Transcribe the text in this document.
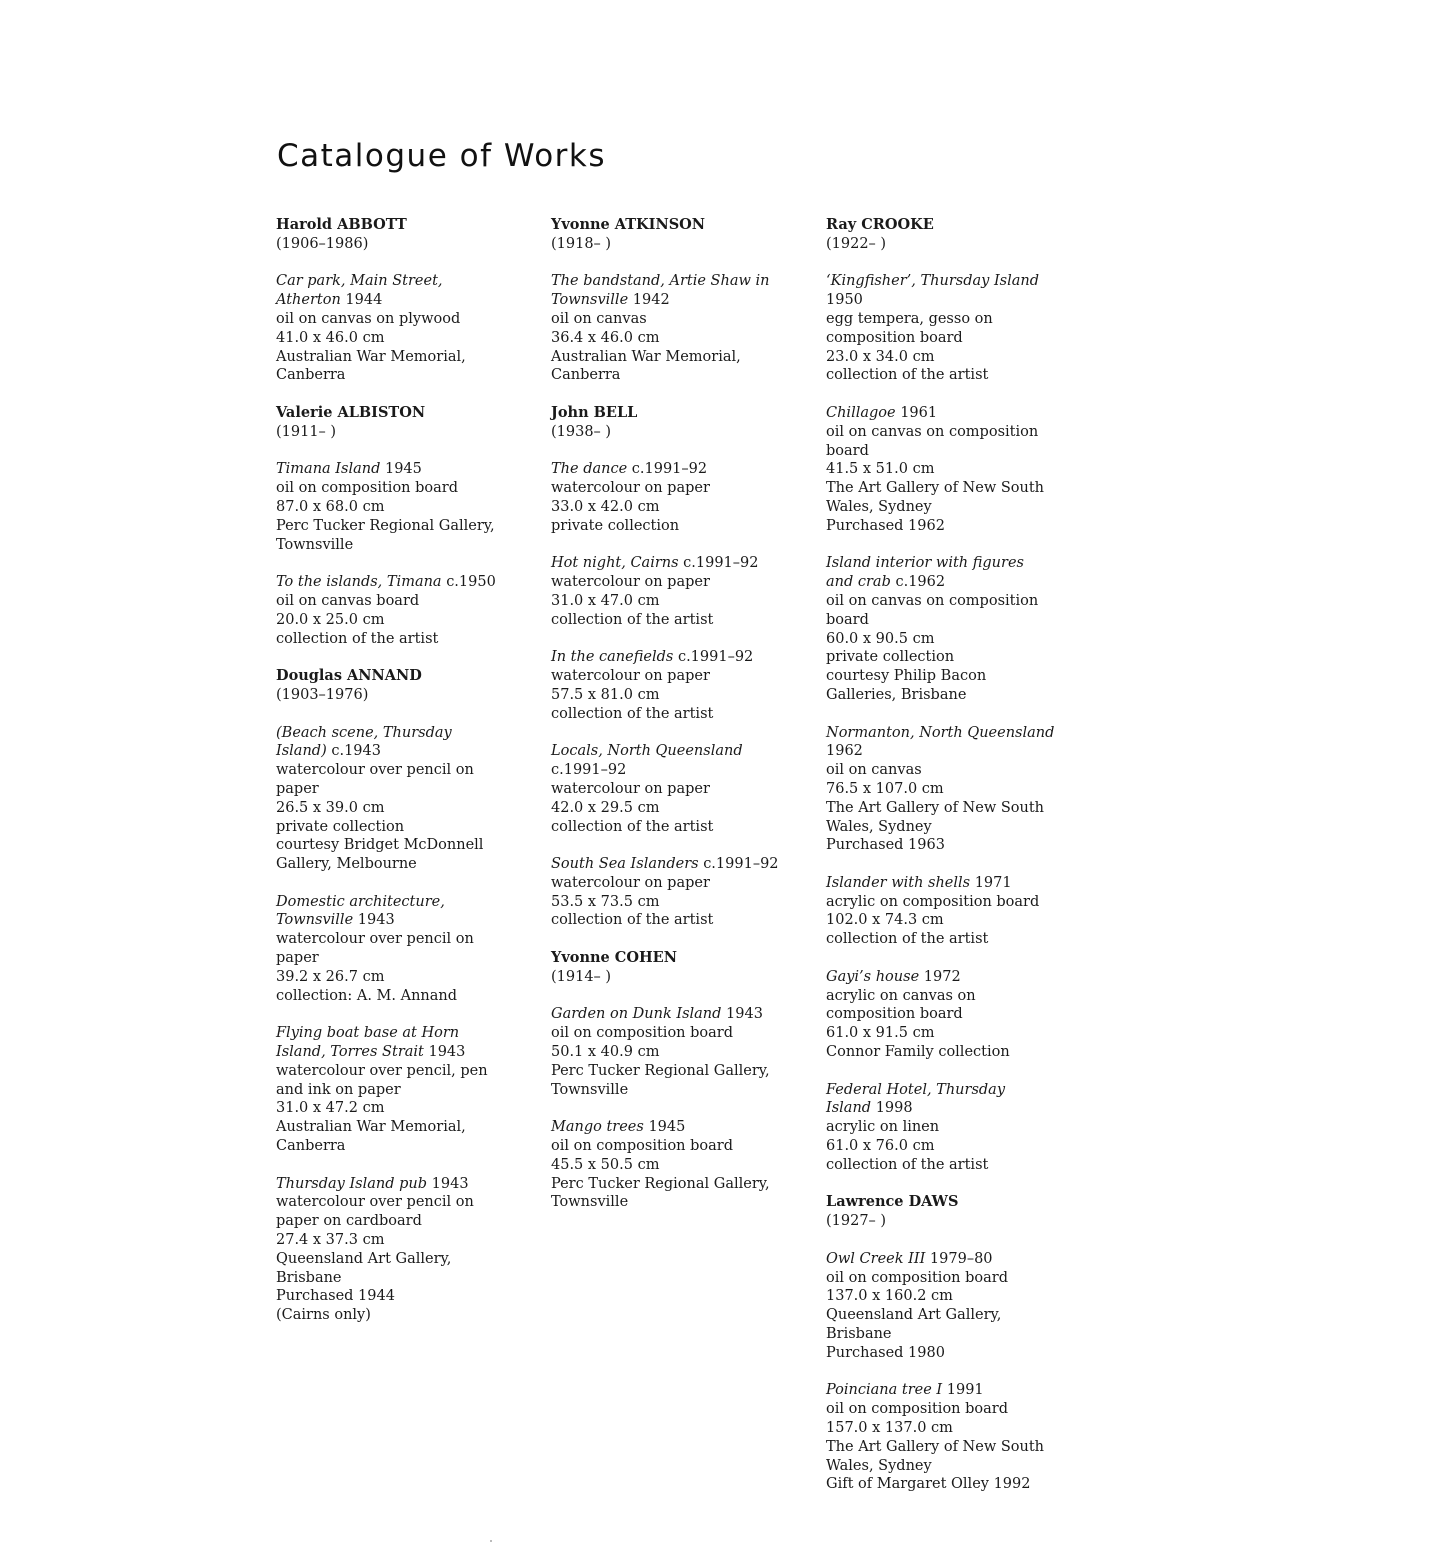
Catalogue of Works
Harold ABBOTT
(1906–1986)
Car park, Main Street,
Atherton 1944
oil on canvas on plywood
41.0 x 46.0 cm
Australian War Memorial,
Canberra
Valerie ALBISTON
(1911– )
Timana Island 1945
oil on composition board
87.0 x 68.0 cm
Perc Tucker Regional Gallery,
Townsville
To the islands, Timana c.1950
oil on canvas board
20.0 x 25.0 cm
collection of the artist
Douglas ANNAND
(1903–1976)
(Beach scene, Thursday
Island) c.1943
watercolour over pencil on
paper
26.5 x 39.0 cm
private collection
courtesy Bridget McDonnell
Gallery, Melbourne
Domestic architecture,
Townsville 1943
watercolour over pencil on
paper
39.2 x 26.7 cm
collection: A. M. Annand
Flying boat base at Horn
Island, Torres Strait 1943
watercolour over pencil, pen
and ink on paper
31.0 x 47.2 cm
Australian War Memorial,
Canberra
Thursday Island pub 1943
watercolour over pencil on
paper on cardboard
27.4 x 37.3 cm
Queensland Art Gallery,
Brisbane
Purchased 1944
(Cairns only)
Yvonne ATKINSON
(1918– )
The bandstand, Artie Shaw in
Townsville 1942
oil on canvas
36.4 x 46.0 cm
Australian War Memorial,
Canberra
John BELL
(1938– )
The dance c.1991–92
watercolour on paper
33.0 x 42.0 cm
private collection
Hot night, Cairns c.1991–92
watercolour on paper
31.0 x 47.0 cm
collection of the artist
In the canefields c.1991–92
watercolour on paper
57.5 x 81.0 cm
collection of the artist
Locals, North Queensland
c.1991–92
watercolour on paper
42.0 x 29.5 cm
collection of the artist
South Sea Islanders c.1991–92
watercolour on paper
53.5 x 73.5 cm
collection of the artist
Yvonne COHEN
(1914– )
Garden on Dunk Island 1943
oil on composition board
50.1 x 40.9 cm
Perc Tucker Regional Gallery,
Townsville
Mango trees 1945
oil on composition board
45.5 x 50.5 cm
Perc Tucker Regional Gallery,
Townsville
Ray CROOKE
(1922– )
‘Kingfisher’, Thursday Island
1950
egg tempera, gesso on
composition board
23.0 x 34.0 cm
collection of the artist
Chillagoe 1961
oil on canvas on composition
board
41.5 x 51.0 cm
The Art Gallery of New South
Wales, Sydney
Purchased 1962
Island interior with figures
and crab c.1962
oil on canvas on composition
board
60.0 x 90.5 cm
private collection
courtesy Philip Bacon
Galleries, Brisbane
Normanton, North Queensland
1962
oil on canvas
76.5 x 107.0 cm
The Art Gallery of New South
Wales, Sydney
Purchased 1963
Islander with shells 1971
acrylic on composition board
102.0 x 74.3 cm
collection of the artist
Gayi’s house 1972
acrylic on canvas on
composition board
61.0 x 91.5 cm
Connor Family collection
Federal Hotel, Thursday
Island 1998
acrylic on linen
61.0 x 76.0 cm
collection of the artist
Lawrence DAWS
(1927– )
Owl Creek III 1979–80
oil on composition board
137.0 x 160.2 cm
Queensland Art Gallery,
Brisbane
Purchased 1980
Poinciana tree I 1991
oil on composition board
157.0 x 137.0 cm
The Art Gallery of New South
Wales, Sydney
Gift of Margaret Olley 1992
